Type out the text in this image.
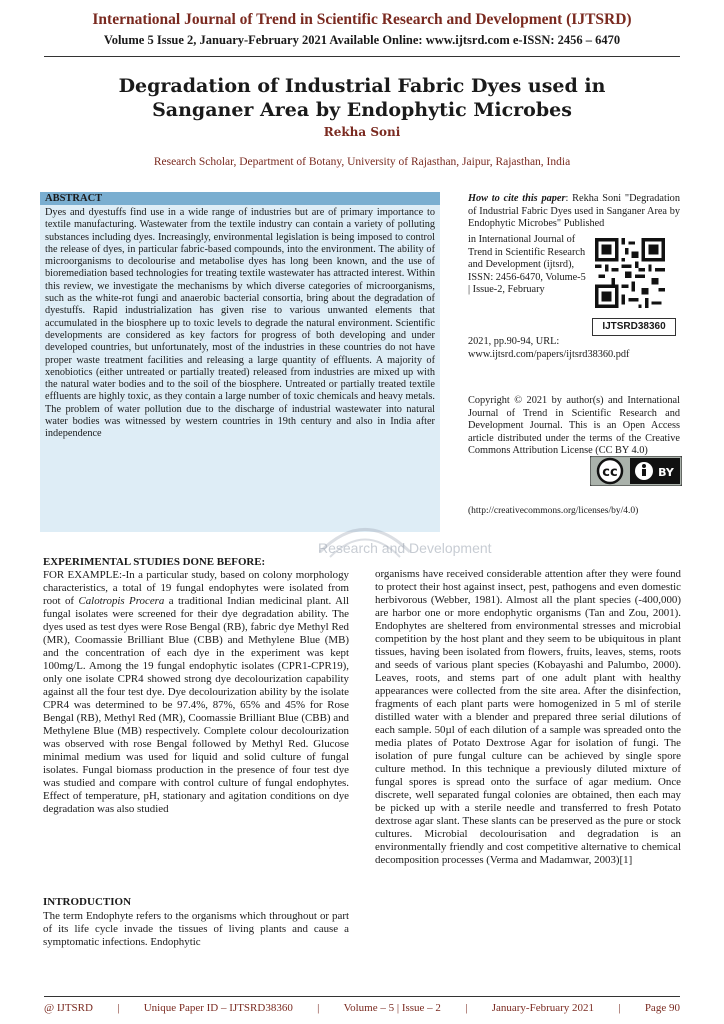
International Journal of Trend in Scientific Research and Development (IJTSRD)
Volume 5 Issue 2, January-February 2021 Available Online: www.ijtsrd.com e-ISSN: 2456 – 6470
Degradation of Industrial Fabric Dyes used in
Sanganer Area by Endophytic Microbes
Rekha Soni
Research Scholar, Department of Botany, University of Rajasthan, Jaipur, Rajasthan, India
ABSTRACT
Dyes and dyestuffs find use in a wide range of industries but are of primary importance to textile manufacturing. Wastewater from the textile industry can contain a variety of polluting substances including dyes. Increasingly, environmental legislation is being imposed to control the release of dyes, in particular fabric-based compounds, into the environment. The ability of microorganisms to decolourise and metabolise dyes has long been known, and the use of bioremediation based technologies for treating textile wastewater has attracted interest. Within this review, we investigate the mechanisms by which diverse categories of microorganisms, such as the white-rot fungi and anaerobic bacterial consortia, bring about the degradation of dyestuffs. Rapid industrialization has given rise to various unwanted elements that accumulated in the biosphere up to toxic levels to degrade the natural environment. Scientific developments are considered as key factors for progress of both developing and under developed countries, but unfortunately, most of the industries in these countries do not have proper waste treatment facilities and releasing a large quantity of effluents. A majority of xenobiotics (either untreated or partially treated) released from industries are mixed up with the natural water bodies and to the soil of the biosphere. Untreated or partially treated textile effluents are highly toxic, as they contain a large number of toxic chemicals and heavy metals. The problem of water pollution due to the discharge of industrial wastewater into natural water bodies was witnessed by western countries in 19th century and also in India after independence
How to cite this paper: Rekha Soni "Degradation of Industrial Fabric Dyes used in Sanganer Area by Endophytic Microbes" Published
in International Journal of Trend in Scientific Research and Development (ijtsrd), ISSN: 2456-6470, Volume-5 | Issue-2, February
IJTSRD38360
2021, pp.90-94, URL: www.ijtsrd.com/papers/ijtsrd38360.pdf
Copyright © 2021 by author(s) and International Journal of Trend in Scientific Research and Development Journal. This is an Open Access article distributed under the terms of the Creative Commons Attribution License (CC BY 4.0)
cc	BY
(http://creativecommons.org/licenses/by/4.0)
Research and Development
EXPERIMENTAL STUDIES DONE BEFORE:
FOR EXAMPLE:-In a particular study, based on colony morphology characteristics, a total of 19 fungal endophytes were isolated from root of Calotropis Procera a traditional Indian medicinal plant. All fungal isolates were screened for their dye degradation ability. The dyes used as test dyes were Rose Bengal (RB), fabric dye Methyl Red (MR), Coomassie Brilliant Blue (CBB) and Methylene Blue (MB) and the concentration of each dye in the experiment was kept 100mg/L. Among the 19 fungal endophytic isolates (CPR1-CPR19), only one isolate CPR4 showed strong dye decolourization capability against all the four test dye. Dye decolourization ability by the isolate CPR4 was determined to be 97.4%, 87%, 65% and 45% for Rose Bengal (RB), Methyl Red (MR), Coomassie Brilliant Blue (CBB) and Methylene Blue (MB) respectively. Complete colour decolourization was observed with rose Bengal followed by Methyl Red. Glucose minimal medium was used for liquid and solid culture of fungal isolates. Fungal biomass production in the presence of four test dye was studied and compare with control culture of fungal endophytes. Effect of temperature, pH, stationary and agitation conditions on dye degradation was also studied
INTRODUCTION
The term Endophyte refers to the organisms which throughout or part of its life cycle invade the tissues of living plants and cause a symptomatic infections. Endophytic
organisms have received considerable attention after they were found to protect their host against insect, pest, pathogens and even domestic herbivorous (Webber, 1981). Almost all the plant species (-400,000) are harbor one or more endophytic organisms (Tan and Zou, 2001). Endophytes are sheltered from environmental stresses and microbial competition by the host plant and they seem to be ubiquitous in plant tissues, having been isolated from flowers, fruits, leaves, stems, roots and seeds of various plant species (Kobayashi and Palumbo, 2000). Leaves, roots, and stems part of one adult plant with healthy appearances were collected from the site area. After the disinfection, fragments of each plant parts were homogenized in 5 ml of sterile distilled water with a blender and prepared three serial dilutions of each sample. 50µl of each dilution of a sample was spreaded onto the media plates of Potato Dextrose Agar for isolation of fungi. The isolation of pure fungal culture can be achieved by single spore culture method. In this technique a previously diluted mixture of fungal spores is spread onto the surface of agar medium. Once discrete, well separated fungal colonies are obtained, then each may be picked up with a sterile needle and transferred to fresh Potato dextrose agar slant. These slants can be preserved as the pure or stock cultures. Microbial decolourisation and degradation is an environmentally friendly and cost competitive alternative to chemical decomposition processes (Verma and Madamwar, 2003)[1]
@ IJTSRD | Unique Paper ID – IJTSRD38360 | Volume – 5 | Issue – 2 | January-February 2021 | Page 90
